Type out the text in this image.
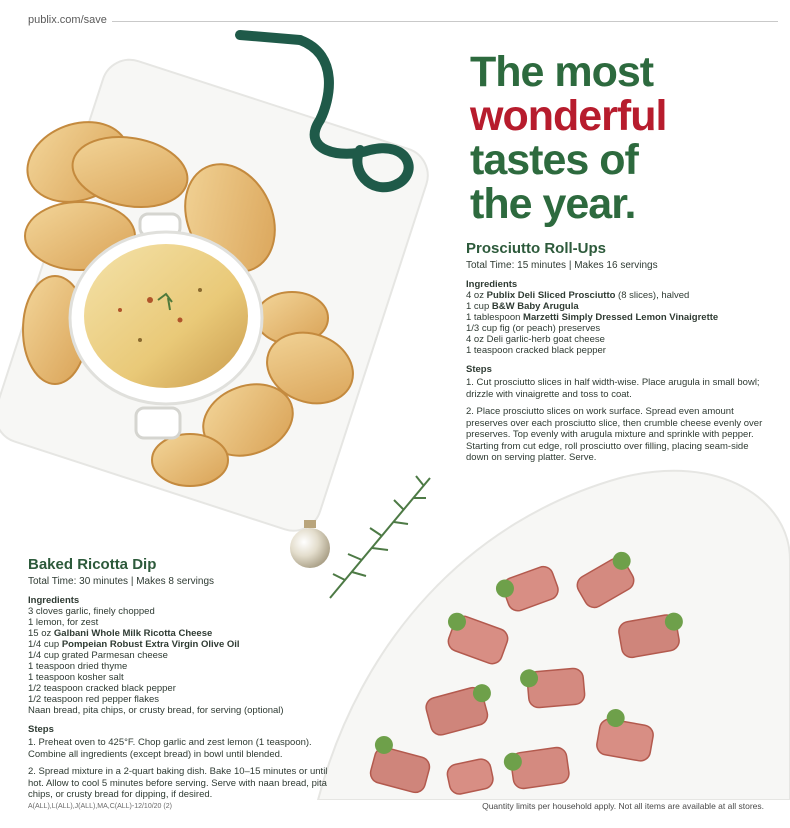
publix.com/save
The most
wonderful
tastes of
the year.
Prosciutto Roll-Ups
Total Time: 15 minutes | Makes 16 servings
Ingredients
4 oz Publix Deli Sliced Prosciutto (8 slices), halved
1 cup B&W Baby Arugula
1 tablespoon Marzetti Simply Dressed Lemon Vinaigrette
1/3 cup fig (or peach) preserves
4 oz Deli garlic-herb goat cheese
1 teaspoon cracked black pepper
Steps
1. Cut prosciutto slices in half width-wise. Place arugula in small bowl; drizzle with vinaigrette and toss to coat.
2. Place prosciutto slices on work surface. Spread even amount preserves over each prosciutto slice, then crumble cheese evenly over preserves. Top evenly with arugula mixture and sprinkle with pepper. Starting from cut edge, roll prosciutto over filling, placing seam-side down on serving platter. Serve.
Baked Ricotta Dip
Total Time: 30 minutes | Makes 8 servings
Ingredients
3 cloves garlic, finely chopped
1 lemon, for zest
15 oz Galbani Whole Milk Ricotta Cheese
1/4 cup Pompeian Robust Extra Virgin Olive Oil
1/4 cup grated Parmesan cheese
1 teaspoon dried thyme
1 teaspoon kosher salt
1/2 teaspoon cracked black pepper
1/2 teaspoon red pepper flakes
Naan bread, pita chips, or crusty bread, for serving (optional)
Steps
1. Preheat oven to 425°F. Chop garlic and zest lemon (1 teaspoon). Combine all ingredients (except bread) in bowl until blended.
2. Spread mixture in a 2-quart baking dish. Bake 10–15 minutes or until hot. Allow to cool 5 minutes before serving. Serve with naan bread, pita chips, or crusty bread for dipping, if desired.
A(ALL),L(ALL),J(ALL),MA,C(ALL)-12/10/20 (2)	Quantity limits per household apply. Not all items are available at all stores.
